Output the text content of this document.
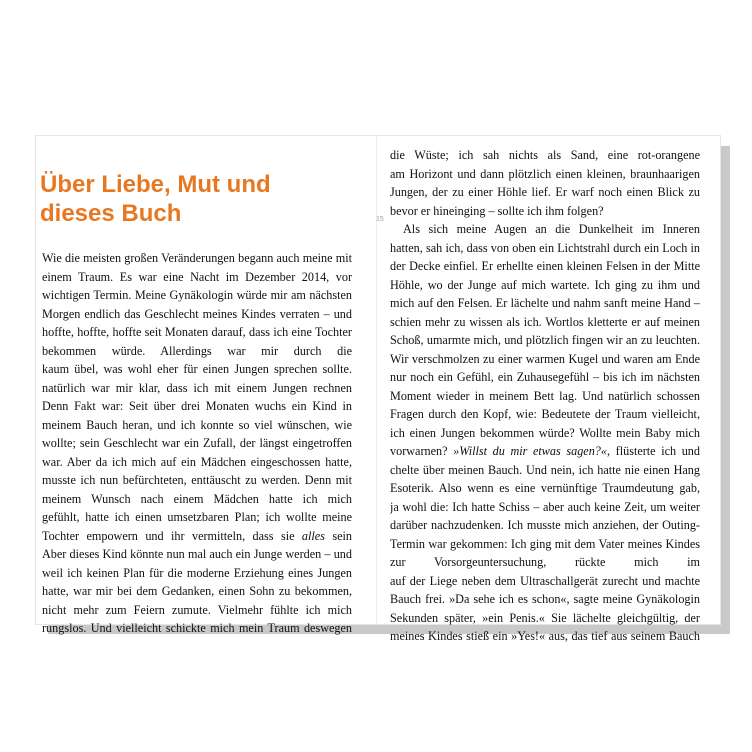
Über Liebe, Mut und
dieses Buch	15
Wie die meisten großen Veränderungen begann auch meine mit
einem Traum. Es war eine Nacht im Dezember 2014, vor
wichtigen Termin. Meine Gynäkologin würde mir am nächsten
Morgen endlich das Geschlecht meines Kindes verraten – und
hoffte, hoffte, hoffte seit Monaten darauf, dass ich eine Tochter
bekommen würde. Allerdings war mir durch die
kaum übel, was wohl eher für einen Jungen sprechen sollte.
natürlich war mir klar, dass ich mit einem Jungen rechnen
Denn Fakt war: Seit über drei Monaten wuchs ein Kind in
meinem Bauch heran, und ich konnte so viel wünschen, wie
wollte; sein Geschlecht war ein Zufall, der längst eingetroffen
war. Aber da ich mich auf ein Mädchen eingeschossen hatte,
musste ich nun befürchteten, enttäuscht zu werden. Denn mit
meinem Wunsch nach einem Mädchen hatte ich mich
gefühlt, hatte ich einen umsetzbaren Plan; ich wollte meine
Tochter empowern und ihr vermitteln, dass sie alles sein
Aber dieses Kind könnte nun mal auch ein Junge werden – und
weil ich keinen Plan für die moderne Erziehung eines Jungen
hatte, war mir bei dem Gedanken, einen Sohn zu bekommen,
nicht mehr zum Feiern zumute. Vielmehr fühlte ich mich
rungslos. Und vielleicht schickte mich mein Traum deswegen
die Wüste; ich sah nichts als Sand, eine rot-orangene
am Horizont und dann plötzlich einen kleinen, braunhaarigen
Jungen, der zu einer Höhle lief. Er warf noch einen Blick zu
bevor er hineinging – sollte ich ihm folgen?
Als sich meine Augen an die Dunkelheit im Inneren
hatten, sah ich, dass von oben ein Lichtstrahl durch ein Loch in
der Decke einfiel. Er erhellte einen kleinen Felsen in der Mitte
Höhle, wo der Junge auf mich wartete. Ich ging zu ihm und
mich auf den Felsen. Er lächelte und nahm sanft meine Hand –
schien mehr zu wissen als ich. Wortlos kletterte er auf meinen
Schoß, umarmte mich, und plötzlich fingen wir an zu leuchten.
Wir verschmolzen zu einer warmen Kugel und waren am Ende
nur noch ein Gefühl, ein Zuhausegefühl – bis ich im nächsten
Moment wieder in meinem Bett lag. Und natürlich schossen
Fragen durch den Kopf, wie: Bedeutete der Traum vielleicht,
ich einen Jungen bekommen würde? Wollte mein Baby mich
vorwarnen? »Willst du mir etwas sagen?«, flüsterte ich und
chelte über meinen Bauch. Und nein, ich hatte nie einen Hang
Esoterik. Also wenn es eine vernünftige Traumdeutung gab,
ja wohl die: Ich hatte Schiss – aber auch keine Zeit, um weiter
darüber nachzudenken. Ich musste mich anziehen, der Outing-
Termin war gekommen: Ich ging mit dem Vater meines Kindes
zur Vorsorgeuntersuchung, rückte mich im
auf der Liege neben dem Ultraschallgerät zurecht und machte
Bauch frei. »Da sehe ich es schon«, sagte meine Gynäkologin
Sekunden später, »ein Penis.« Sie lächelte gleichgültig, der
meines Kindes stieß ein »Yes!« aus, das tief aus seinem Bauch
